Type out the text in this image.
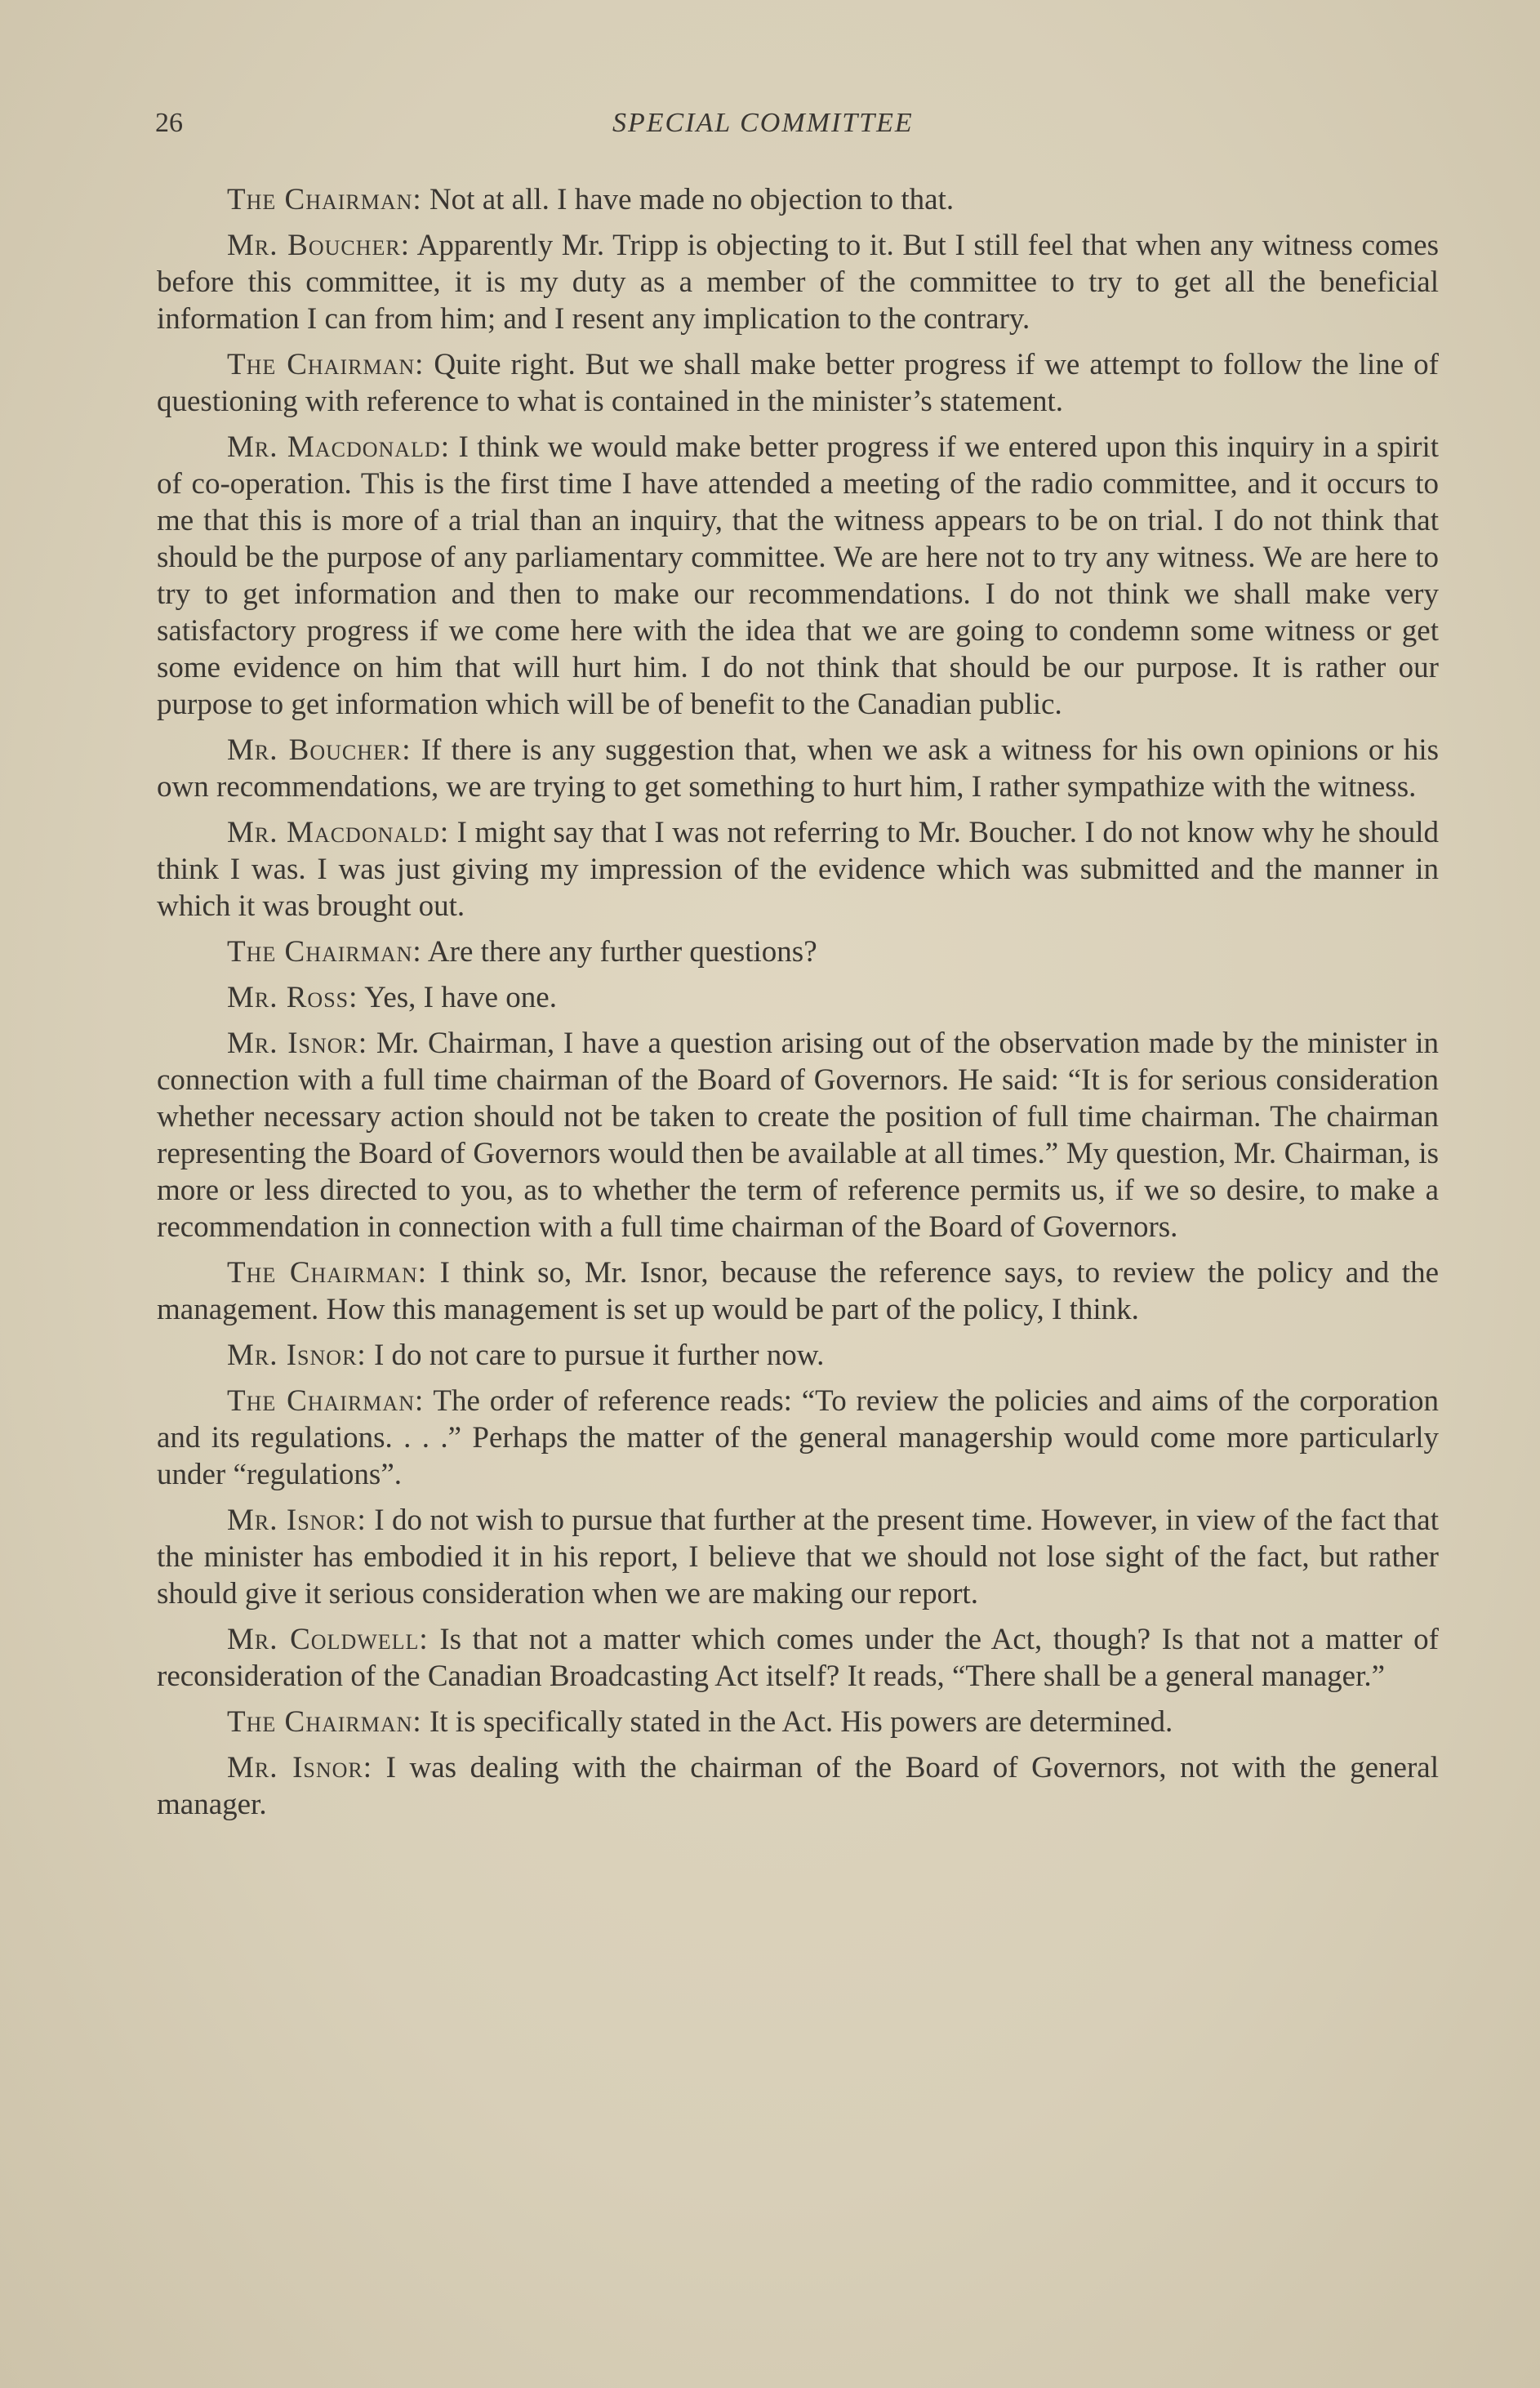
26	SPECIAL COMMITTEE

The Chairman: Not at all. I have made no objection to that.

Mr. Boucher: Apparently Mr. Tripp is objecting to it. But I still feel that when any witness comes before this committee, it is my duty as a member of the committee to try to get all the beneficial information I can from him; and I resent any implication to the contrary.

The Chairman: Quite right. But we shall make better progress if we attempt to follow the line of questioning with reference to what is contained in the minister’s statement.

Mr. Macdonald: I think we would make better progress if we entered upon this inquiry in a spirit of co-operation. This is the first time I have attended a meeting of the radio committee, and it occurs to me that this is more of a trial than an inquiry, that the witness appears to be on trial. I do not think that should be the purpose of any parliamentary committee. We are here not to try any witness. We are here to try to get information and then to make our recommendations. I do not think we shall make very satisfactory progress if we come here with the idea that we are going to condemn some witness or get some evidence on him that will hurt him. I do not think that should be our purpose. It is rather our purpose to get information which will be of benefit to the Canadian public.

Mr. Boucher: If there is any suggestion that, when we ask a witness for his own opinions or his own recommendations, we are trying to get something to hurt him, I rather sympathize with the witness.

Mr. Macdonald: I might say that I was not referring to Mr. Boucher. I do not know why he should think I was. I was just giving my impression of the evidence which was submitted and the manner in which it was brought out.

The Chairman: Are there any further questions?

Mr. Ross: Yes, I have one.

Mr. Isnor: Mr. Chairman, I have a question arising out of the observation made by the minister in connection with a full time chairman of the Board of Governors. He said: “It is for serious consideration whether necessary action should not be taken to create the position of full time chairman. The chairman representing the Board of Governors would then be available at all times.” My question, Mr. Chairman, is more or less directed to you, as to whether the term of reference permits us, if we so desire, to make a recommendation in connection with a full time chairman of the Board of Governors.

The Chairman: I think so, Mr. Isnor, because the reference says, to review the policy and the management. How this management is set up would be part of the policy, I think.

Mr. Isnor: I do not care to pursue it further now.

The Chairman: The order of reference reads: “To review the policies and aims of the corporation and its regulations. . . .” Perhaps the matter of the general managership would come more particularly under “regulations”.

Mr. Isnor: I do not wish to pursue that further at the present time. However, in view of the fact that the minister has embodied it in his report, I believe that we should not lose sight of the fact, but rather should give it serious consideration when we are making our report.

Mr. Coldwell: Is that not a matter which comes under the Act, though? Is that not a matter of reconsideration of the Canadian Broadcasting Act itself? It reads, “There shall be a general manager.”

The Chairman: It is specifically stated in the Act. His powers are determined.

Mr. Isnor: I was dealing with the chairman of the Board of Governors, not with the general manager.
